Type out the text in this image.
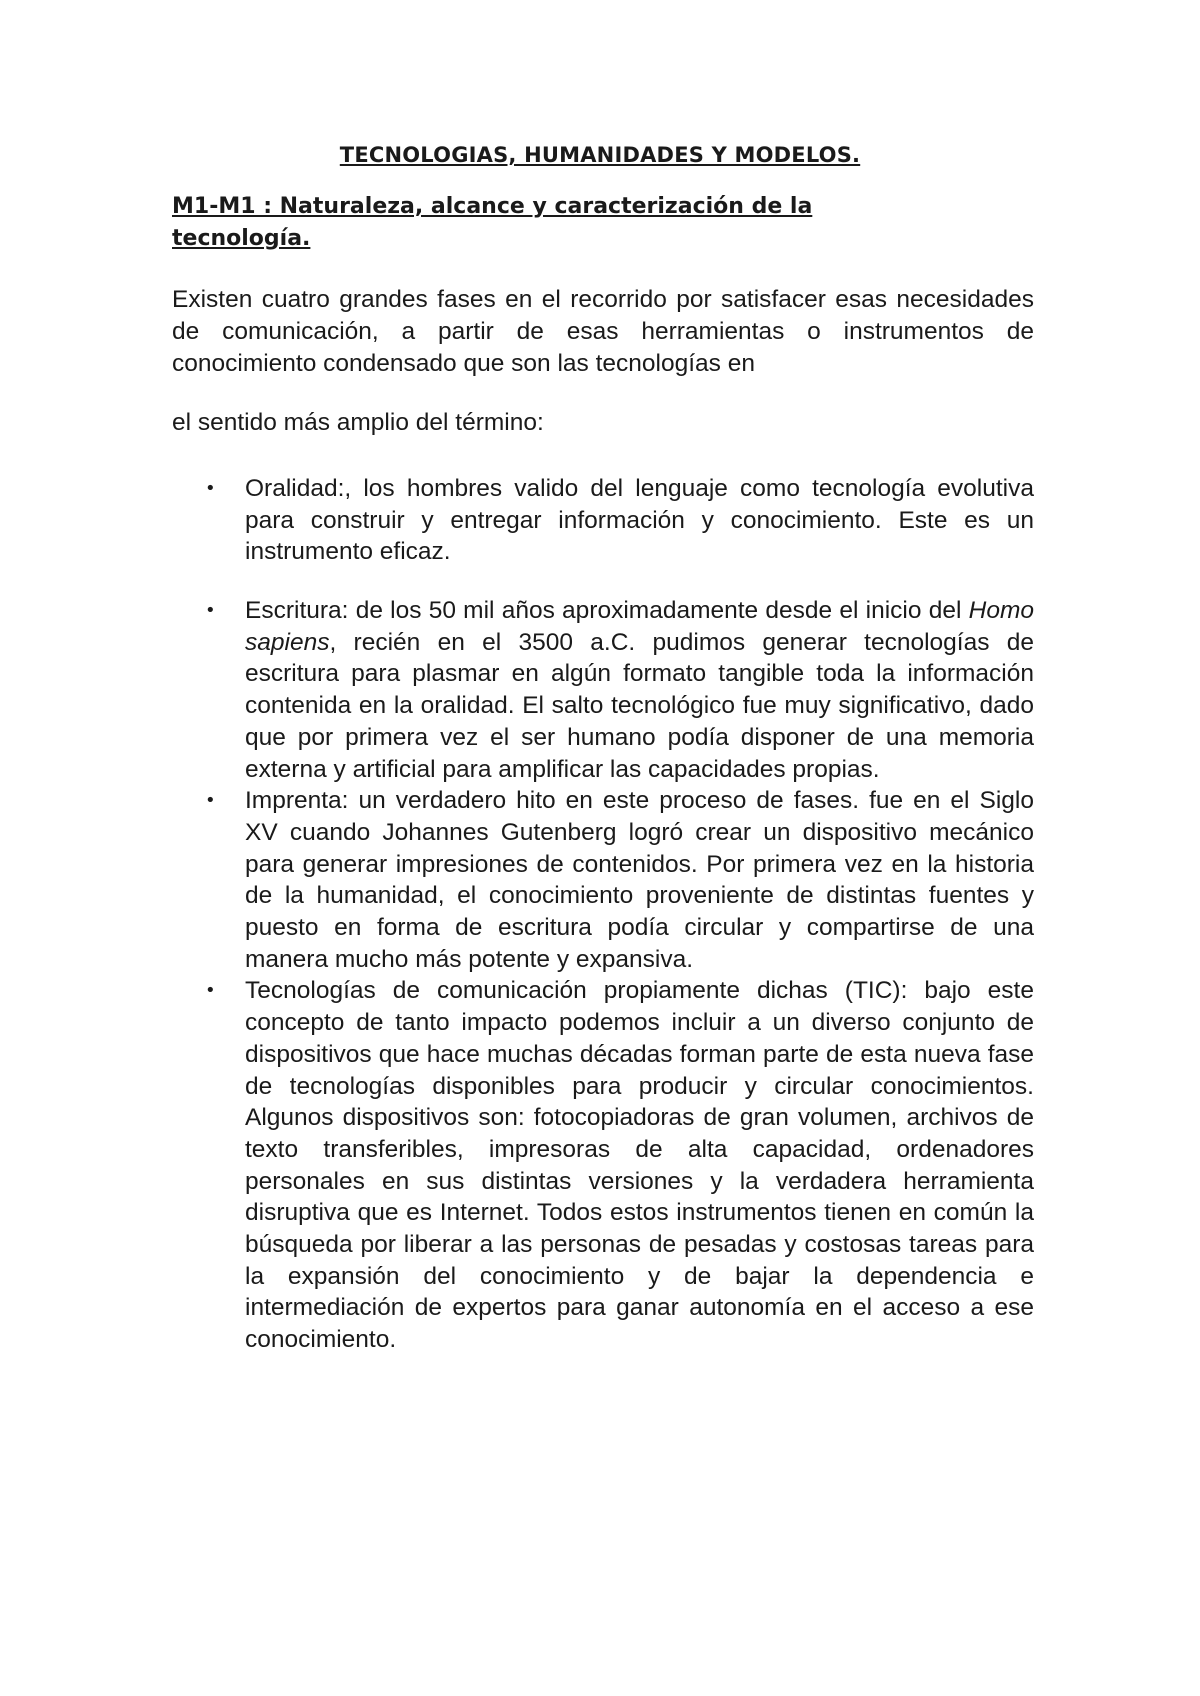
TECNOLOGIAS, HUMANIDADES Y MODELOS.
M1-M1 : Naturaleza, alcance y caracterización de la
tecnología.

Existen cuatro grandes fases en el recorrido por satisfacer esas necesidades de comunicación, a partir de esas herramientas o instrumentos de conocimiento condensado que son las tecnologías en

el sentido más amplio del término:

• Oralidad:, los hombres valido del lenguaje como tecnología evolutiva para construir y entregar información y conocimiento. Este es un instrumento eficaz.
• Escritura: de los 50 mil años aproximadamente desde el inicio del Homo sapiens, recién en el 3500 a.C. pudimos generar tecnologías de escritura para plasmar en algún formato tangible toda la información contenida en la oralidad. El salto tecnológico fue muy significativo, dado que por primera vez el ser humano podía disponer de una memoria externa y artificial para amplificar las capacidades propias.
• Imprenta: un verdadero hito en este proceso de fases. fue en el Siglo XV cuando Johannes Gutenberg logró crear un dispositivo mecánico para generar impresiones de contenidos. Por primera vez en la historia de la humanidad, el conocimiento proveniente de distintas fuentes y puesto en forma de escritura podía circular y compartirse de una manera mucho más potente y expansiva.
• Tecnologías de comunicación propiamente dichas (TIC): bajo este concepto de tanto impacto podemos incluir a un diverso conjunto de dispositivos que hace muchas décadas forman parte de esta nueva fase de tecnologías disponibles para producir y circular conocimientos. Algunos dispositivos son: fotocopiadoras de gran volumen, archivos de texto transferibles, impresoras de alta capacidad, ordenadores personales en sus distintas versiones y la verdadera herramienta disruptiva que es Internet. Todos estos instrumentos tienen en común la búsqueda por liberar a las personas de pesadas y costosas tareas para la expansión del conocimiento y de bajar la dependencia e intermediación de expertos para ganar autonomía en el acceso a ese conocimiento.
